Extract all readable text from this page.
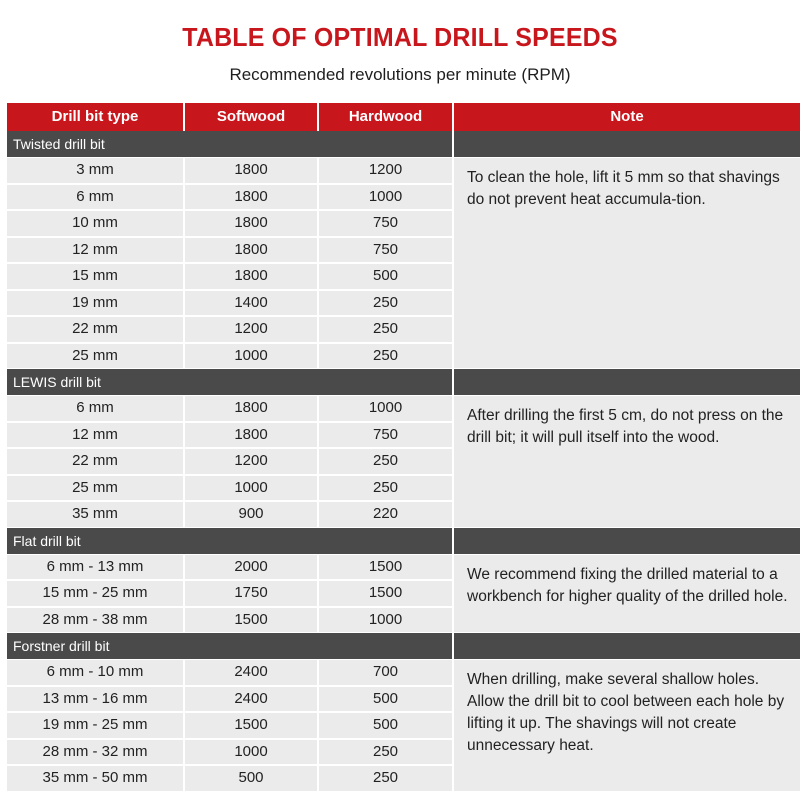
TABLE OF OPTIMAL DRILL SPEEDS
Recommended revolutions per minute (RPM)
Drill bit type	Softwood	Hardwood	Note
Twisted drill bit
3 mm	1800	1200
6 mm	1800	1000
10 mm	1800	750
12 mm	1800	750
15 mm	1800	500
19 mm	1400	250
22 mm	1200	250
25 mm	1000	250
To clean the hole, lift it 5 mm so that shavings do not prevent heat accumula-tion.
LEWIS drill bit
6 mm	1800	1000
12 mm	1800	750
22 mm	1200	250
25 mm	1000	250
35 mm	900	220
After drilling the first 5 cm, do not press on the drill bit; it will pull itself into the wood.
Flat drill bit
6 mm - 13 mm	2000	1500
15 mm - 25 mm	1750	1500
28 mm - 38 mm	1500	1000
We recommend fixing the drilled material to a workbench for higher quality of the drilled hole.
Forstner drill bit
6 mm - 10 mm	2400	700
13 mm - 16 mm	2400	500
19 mm - 25 mm	1500	500
28 mm - 32 mm	1000	250
35 mm - 50 mm	500	250
When drilling, make several shallow holes. Allow the drill bit to cool between each hole by lifting it up. The shavings will not create unnecessary heat.
